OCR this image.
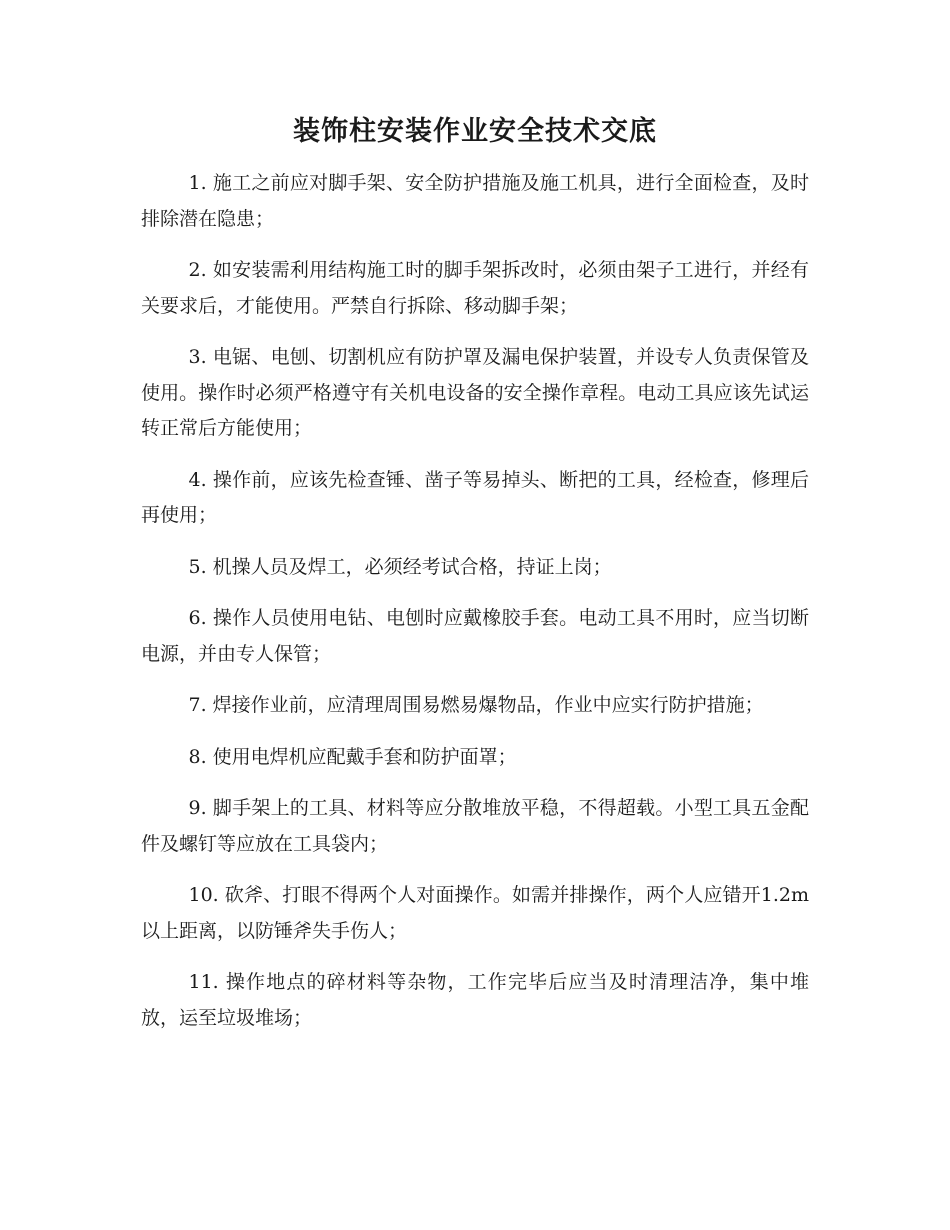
装饰柱安装作业安全技术交底

1. 施工之前应对脚手架、安全防护措施及施工机具，进行全面检查，及时排除潜在隐患；

2. 如安装需利用结构施工时的脚手架拆改时，必须由架子工进行，并经有关要求后，才能使用。严禁自行拆除、移动脚手架；

3. 电锯、电刨、切割机应有防护罩及漏电保护装置，并设专人负责保管及使用。操作时必须严格遵守有关机电设备的安全操作章程。电动工具应该先试运转正常后方能使用；

4. 操作前，应该先检查锤、凿子等易掉头、断把的工具，经检查，修理后再使用；

5. 机操人员及焊工，必须经考试合格，持证上岗；

6. 操作人员使用电钻、电刨时应戴橡胶手套。电动工具不用时，应当切断电源，并由专人保管；

7. 焊接作业前，应清理周围易燃易爆物品，作业中应实行防护措施；

8. 使用电焊机应配戴手套和防护面罩；

9. 脚手架上的工具、材料等应分散堆放平稳，不得超载。小型工具五金配件及螺钉等应放在工具袋内；

10. 砍斧、打眼不得两个人对面操作。如需并排操作，两个人应错开1.2m以上距离，以防锤斧失手伤人；

11. 操作地点的碎材料等杂物，工作完毕后应当及时清理洁净，集中堆放，运至垃圾堆场；
